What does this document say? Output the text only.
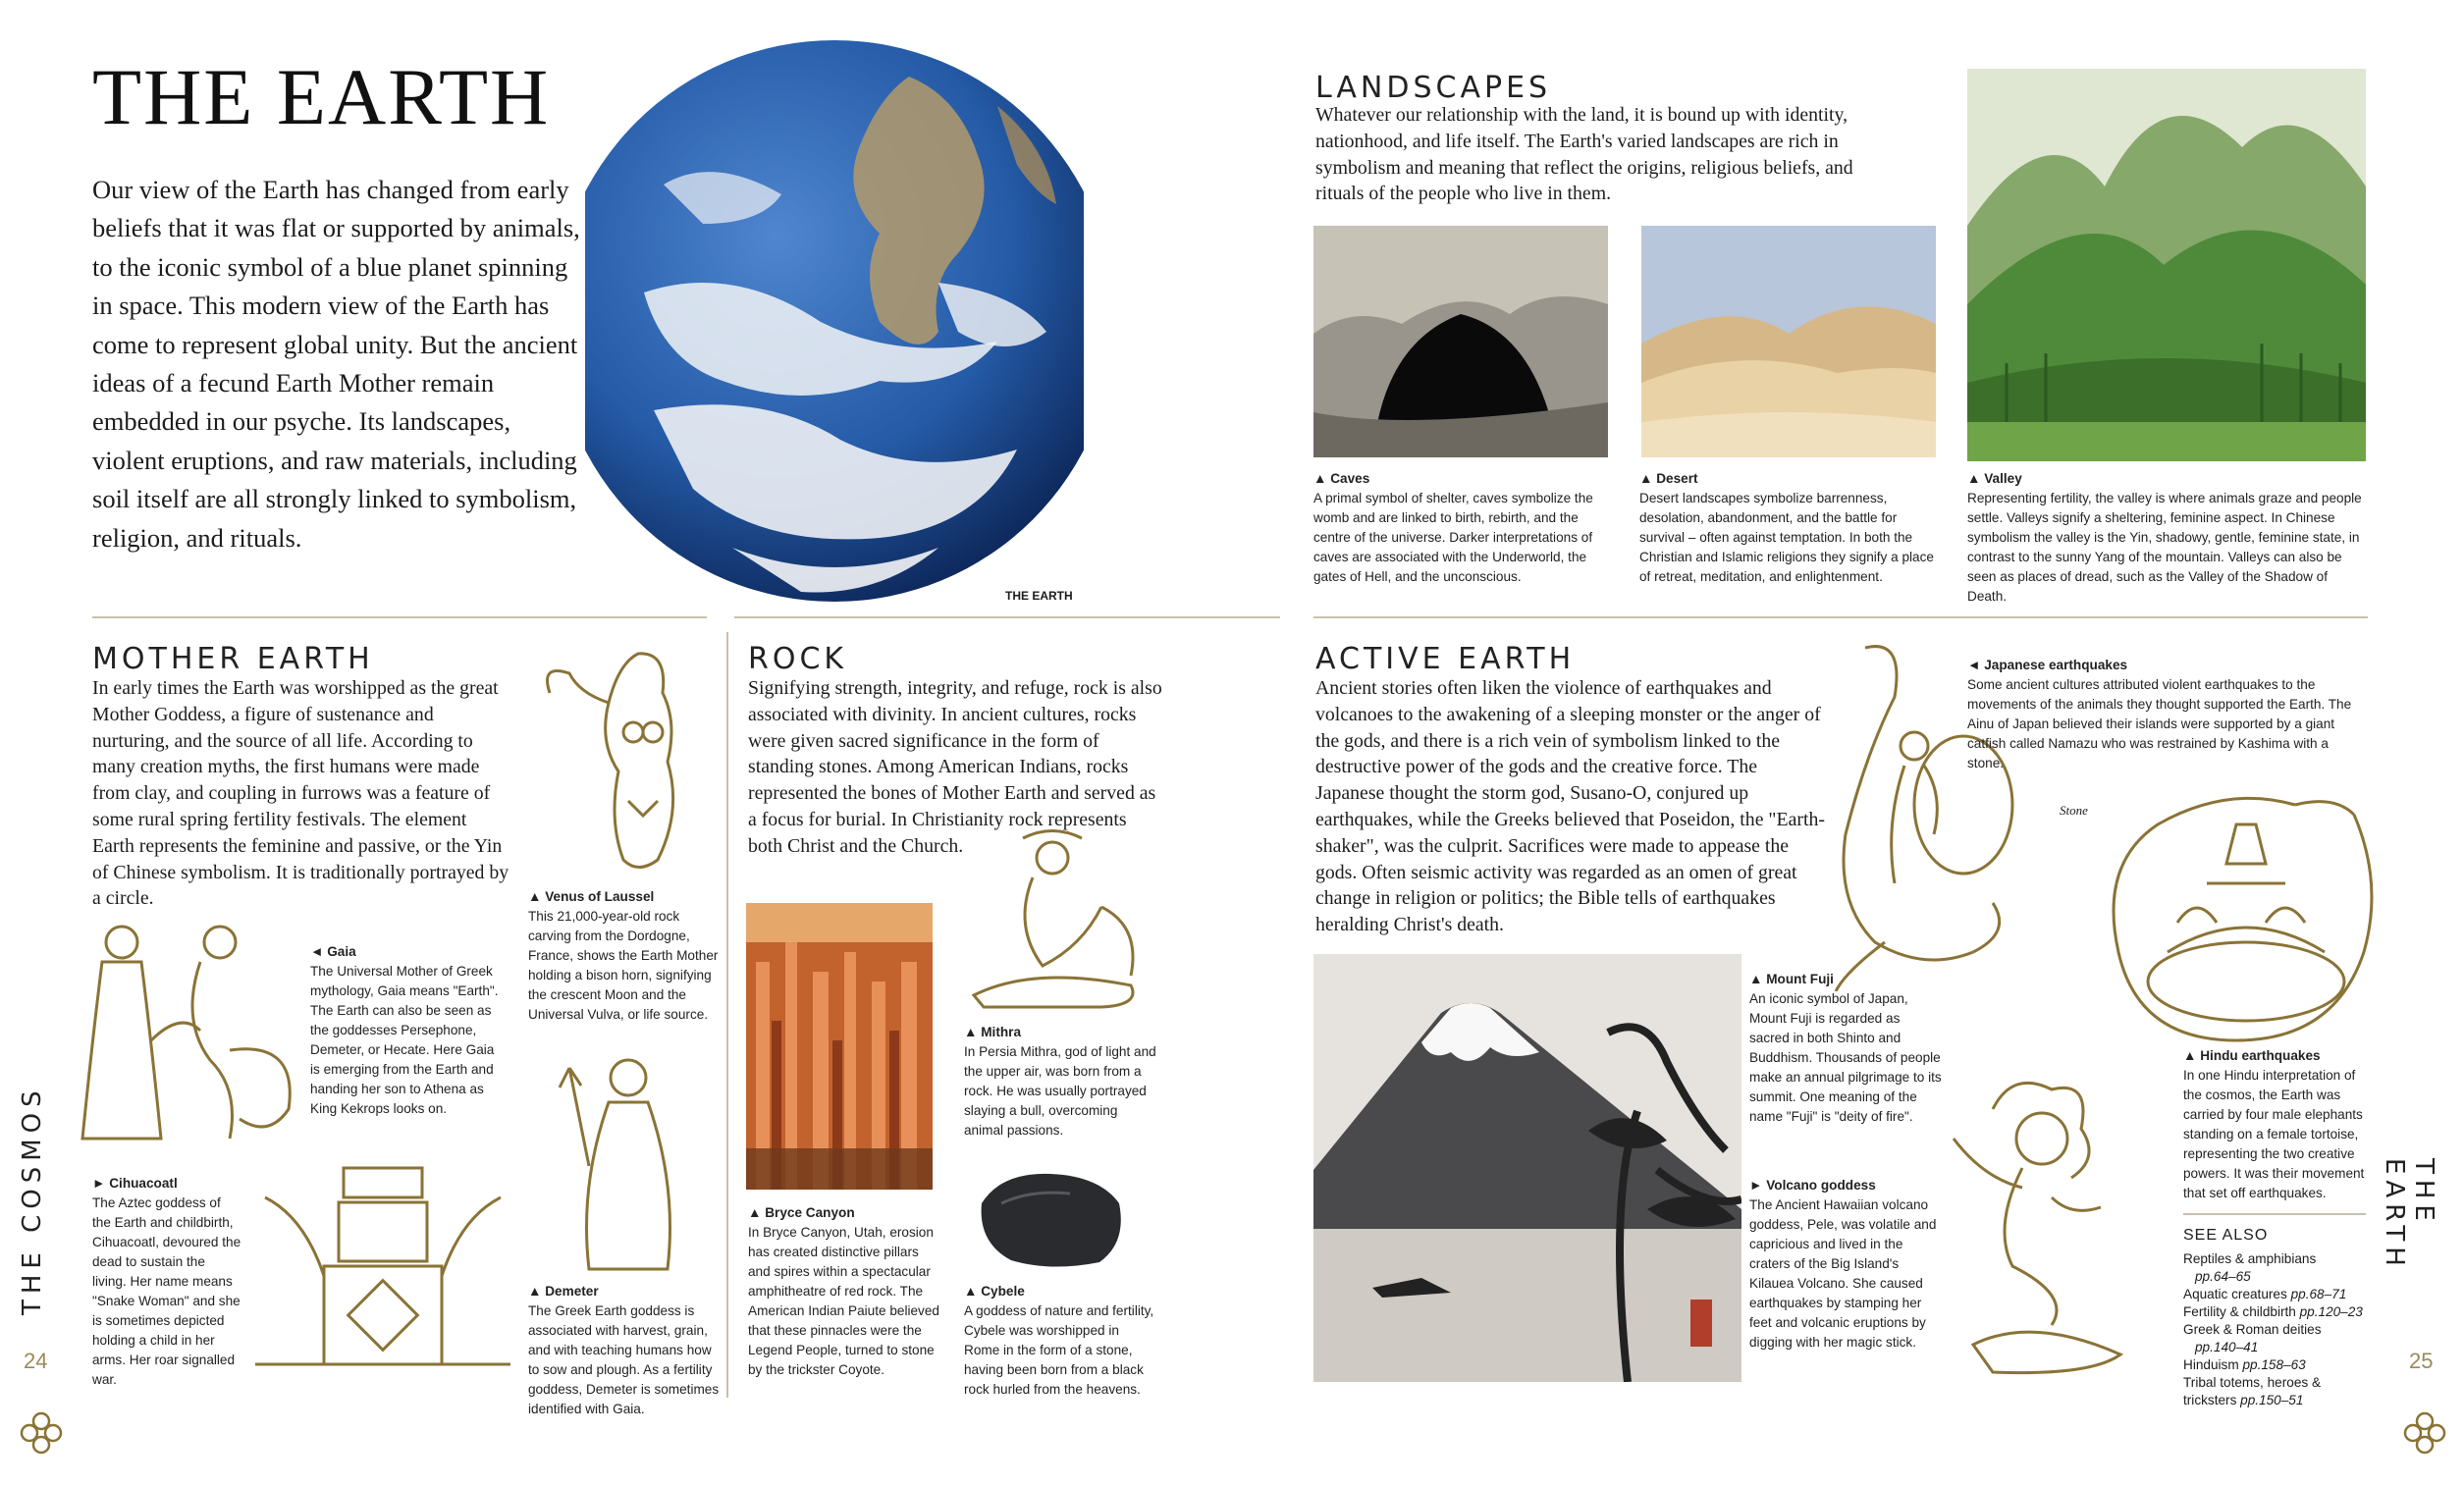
THE EARTH
Our view of the Earth has changed from early beliefs that it was flat or supported by animals, to the iconic symbol of a blue planet spinning in space. This modern view of the Earth has come to represent global unity. But the ancient ideas of a fecund Earth Mother remain embedded in our psyche. Its landscapes, violent eruptions, and raw materials, including soil itself are all strongly linked to symbolism, religion, and rituals.
THE EARTH
MOTHER EARTH
In early times the Earth was worshipped as the great Mother Goddess, a figure of sustenance and nurturing, and the source of all life. According to many creation myths, the first humans were made from clay, and coupling in furrows was a feature of some rural spring fertility festivals. The element Earth represents the feminine and passive, or the Yin of Chinese symbolism. It is traditionally portrayed by a circle.	▲ Venus of Laussel
This 21,000-year-old rock carving from the Dordogne, France, shows the Earth Mother holding a bison horn, signifying the crescent Moon and the Universal Vulva, or life source.
◄ Gaia
The Universal Mother of Greek mythology, Gaia means "Earth". The Earth can also be seen as the goddesses Persephone, Demeter, or Hecate. Here Gaia is emerging from the Earth and handing her son to Athena as King Kekrops looks on.
▲ Demeter
The Greek Earth goddess is associated with harvest, grain, and with teaching humans how to sow and plough. As a fertility goddess, Demeter is sometimes identified with Gaia.
► Cihuacoatl
The Aztec goddess of the Earth and childbirth, Cihuacoatl, devoured the dead to sustain the living. Her name means "Snake Woman" and she is sometimes depicted holding a child in her arms. Her roar signalled war.
ROCK
Signifying strength, integrity, and refuge, rock is also associated with divinity. In ancient cultures, rocks were given sacred significance in the form of standing stones. Among American Indians, rocks represented the bones of Mother Earth and served as a focus for burial. In Christianity rock represents both Christ and the Church.
▲ Mithra
In Persia Mithra, god of light and the upper air, was born from a rock. He was usually portrayed slaying a bull, overcoming animal passions.
▲ Bryce Canyon
In Bryce Canyon, Utah, erosion has created distinctive pillars and spires within a spectacular amphitheatre of red rock. The American Indian Paiute believed that these pinnacles were the Legend People, turned to stone by the trickster Coyote.
▲ Cybele
A goddess of nature and fertility, Cybele was worshipped in Rome in the form of a stone, having been born from a black rock hurled from the heavens.
THE COSMOS
24
LANDSCAPES
Whatever our relationship with the land, it is bound up with identity, nationhood, and life itself. The Earth's varied landscapes are rich in symbolism and meaning that reflect the origins, religious beliefs, and rituals of the people who live in them.
▲ Caves
A primal symbol of shelter, caves symbolize the womb and are linked to birth, rebirth, and the centre of the universe. Darker interpretations of caves are associated with the Underworld, the gates of Hell, and the unconscious.
▲ Desert
Desert landscapes symbolize barrenness, desolation, abandonment, and the battle for survival – often against temptation. In both the Christian and Islamic religions they signify a place of retreat, meditation, and enlightenment.
▲ Valley
Representing fertility, the valley is where animals graze and people settle. Valleys signify a sheltering, feminine aspect. In Chinese symbolism the valley is the Yin, shadowy, gentle, feminine state, in contrast to the sunny Yang of the mountain. Valleys can also be seen as places of dread, such as the Valley of the Shadow of Death.
ACTIVE EARTH
Ancient stories often liken the violence of earthquakes and volcanoes to the awakening of a sleeping monster or the anger of the gods, and there is a rich vein of symbolism linked to the destructive power of the gods and the creative force. The Japanese thought the storm god, Susano-O, conjured up earthquakes, while the Greeks believed that Poseidon, the "Earth-shaker", was the culprit. Sacrifices were made to appease the gods. Often seismic activity was regarded as an omen of great change in religion or politics; the Bible tells of earthquakes heralding Christ's death.
◄ Japanese earthquakes
Some ancient cultures attributed violent earthquakes to the movements of the animals they thought supported the Earth. The Ainu of Japan believed their islands were supported by a giant catfish called Namazu who was restrained by Kashima with a stone.
Stone
▲ Mount Fuji
An iconic symbol of Japan, Mount Fuji is regarded as sacred in both Shinto and Buddhism. Thousands of people make an annual pilgrimage to its summit. One meaning of the name "Fuji" is "deity of fire".
► Volcano goddess
The Ancient Hawaiian volcano goddess, Pele, was volatile and capricious and lived in the craters of the Big Island's Kilauea Volcano. She caused earthquakes by stamping her feet and volcanic eruptions by digging with her magic stick.
▲ Hindu earthquakes
In one Hindu interpretation of the cosmos, the Earth was carried by four male elephants standing on a female tortoise, representing the two creative powers. It was their movement that set off earthquakes.
SEE ALSO
Reptiles & amphibians
pp.64–65
Aquatic creatures pp.68–71
Fertility & childbirth pp.120–23
Greek & Roman deities
pp.140–41
Hinduism pp.158–63
Tribal totems, heroes & tricksters pp.150–51
THE EARTH
25
